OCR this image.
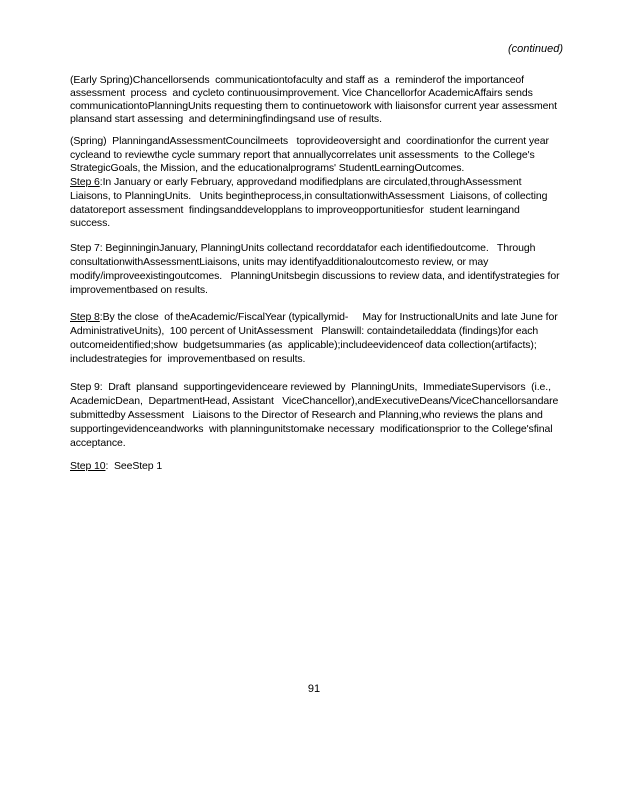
(continued)

(Early Spring)Chancellorsends  communicationtofaculty and staff as  a  reminderof the importanceof
assessment  process  and cycleto continuousimprovement. Vice Chancellorfor AcademicAffairs sends
communicationtoPlanningUnits requesting them to continuetowork with liaisonsfor current year assessment
plansand start assessing  and determiningfindingsand use of results.

(Spring)  PlanningandAssessmentCouncilmeets   toprovideoversight and  coordinationfor the current year
cycleand to reviewthe cycle summary report that annuallycorrelates unit assessments  to the College's
StrategicGoals, the Mission, and the educationalprograms' StudentLearningOutcomes.
Step 6:In January or early February, approvedand modifiedplans are circulated,throughAssessment
Liaisons, to PlanningUnits.   Units begintheprocess,in consultationwithAssessment  Liaisons, of collecting
datatoreport assessment  findingsanddevelopplans to improveopportunitiesfor  student learningand
success.

Step 7: BeginninginJanuary, PlanningUnits collectand recorddatafor each identifiedoutcome.   Through
consultationwithAssessmentLiaisons, units may identifyadditionaloutcomesto review, or may
modify/improveexistingoutcomes.   PlanningUnitsbegin discussions to review data, and identifystrategies for
improvementbased on results.

Step 8:By the close  of theAcademic/FiscalYear (typicallymid-     May for InstructionalUnits and late June for
AdministrativeUnits),  100 percent of UnitAssessment   Planswill: containdetaileddata (findings)for each
outcomeidentified;show  budgetsummaries (as  applicable);includeevidenceof data collection(artifacts);
includestrategies for  improvementbased on results.

Step 9:  Draft  plansand  supportingevidenceare reviewed by  PlanningUnits,  ImmediateSupervisors  (i.e.,
AcademicDean,  DepartmentHead, Assistant   ViceChancellor),andExecutiveDeans/ViceChancellorsandare
submittedby Assessment   Liaisons to the Director of Research and Planning,who reviews the plans and
supportingevidenceandworks  with planningunitstomake necessary  modificationsprior to the College'sfinal
acceptance.

Step 10:  SeeStep 1

91
